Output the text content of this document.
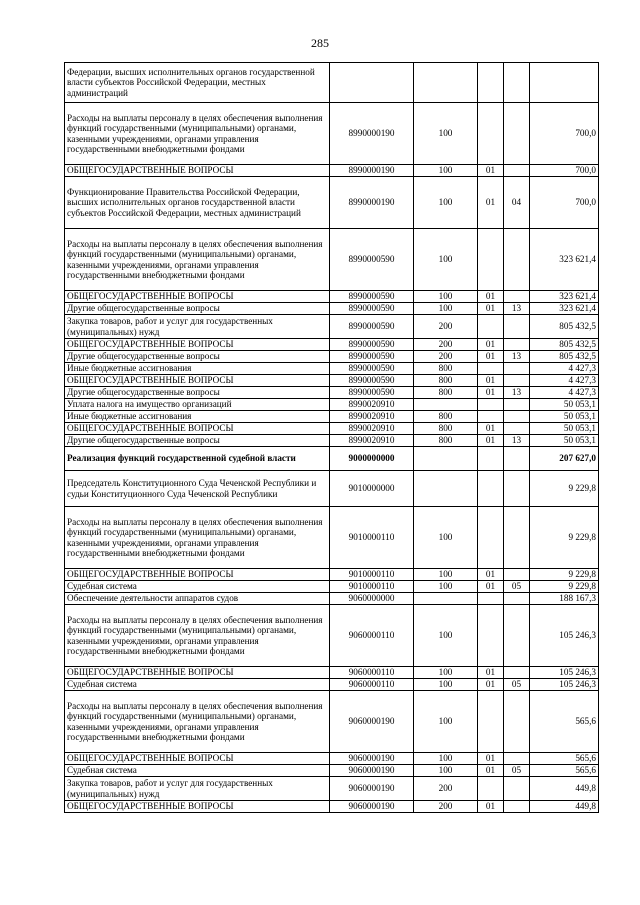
285
Федерации, высших исполнительных органов государственной власти субъектов Российской Федерации, местных администраций					
Расходы на выплаты персоналу в целях обеспечения выполнения функций государственными (муниципальными) органами, казенными учреждениями, органами управления государственными внебюджетными фондами	8990000190	100			700,0
ОБЩЕГОСУДАРСТВЕННЫЕ ВОПРОСЫ	8990000190	100	01		700,0
Функционирование Правительства Российской Федерации, высших исполнительных органов государственной власти субъектов Российской Федерации, местных администраций	8990000190	100	01	04	700,0
Расходы на выплаты персоналу в целях обеспечения выполнения функций государственными (муниципальными) органами, казенными учреждениями, органами управления государственными внебюджетными фондами	8990000590	100			323 621,4
ОБЩЕГОСУДАРСТВЕННЫЕ ВОПРОСЫ	8990000590	100	01		323 621,4
Другие общегосударственные вопросы	8990000590	100	01	13	323 621,4
Закупка товаров, работ и услуг для государственных (муниципальных) нужд	8990000590	200			805 432,5
ОБЩЕГОСУДАРСТВЕННЫЕ ВОПРОСЫ	8990000590	200	01		805 432,5
Другие общегосударственные вопросы	8990000590	200	01	13	805 432,5
Иные бюджетные ассигнования	8990000590	800			4 427,3
ОБЩЕГОСУДАРСТВЕННЫЕ ВОПРОСЫ	8990000590	800	01		4 427,3
Другие общегосударственные вопросы	8990000590	800	01	13	4 427,3
Уплата налога на имущество организаций	8990020910				50 053,1
Иные бюджетные ассигнования	8990020910	800			50 053,1
ОБЩЕГОСУДАРСТВЕННЫЕ ВОПРОСЫ	8990020910	800	01		50 053,1
Другие общегосударственные вопросы	8990020910	800	01	13	50 053,1
Реализация функций государственной судебной власти	9000000000				207 627,0
Председатель Конституционного Суда Чеченской Республики и судьи Конституционного Суда Чеченской Республики	9010000000				9 229,8
Расходы на выплаты персоналу в целях обеспечения выполнения функций государственными (муниципальными) органами, казенными учреждениями, органами управления государственными внебюджетными фондами	9010000110	100			9 229,8
ОБЩЕГОСУДАРСТВЕННЫЕ ВОПРОСЫ	9010000110	100	01		9 229,8
Судебная система	9010000110	100	01	05	9 229,8
Обеспечение деятельности аппаратов судов	9060000000				188 167,3
Расходы на выплаты персоналу в целях обеспечения выполнения функций государственными (муниципальными) органами, казенными учреждениями, органами управления государственными внебюджетными фондами	9060000110	100			105 246,3
ОБЩЕГОСУДАРСТВЕННЫЕ ВОПРОСЫ	9060000110	100	01		105 246,3
Судебная система	9060000110	100	01	05	105 246,3
Расходы на выплаты персоналу в целях обеспечения выполнения функций государственными (муниципальными) органами, казенными учреждениями, органами управления государственными внебюджетными фондами	9060000190	100			565,6
ОБЩЕГОСУДАРСТВЕННЫЕ ВОПРОСЫ	9060000190	100	01		565,6
Судебная система	9060000190	100	01	05	565,6
Закупка товаров, работ и услуг для государственных (муниципальных) нужд	9060000190	200			449,8
ОБЩЕГОСУДАРСТВЕННЫЕ ВОПРОСЫ	9060000190	200	01		449,8
